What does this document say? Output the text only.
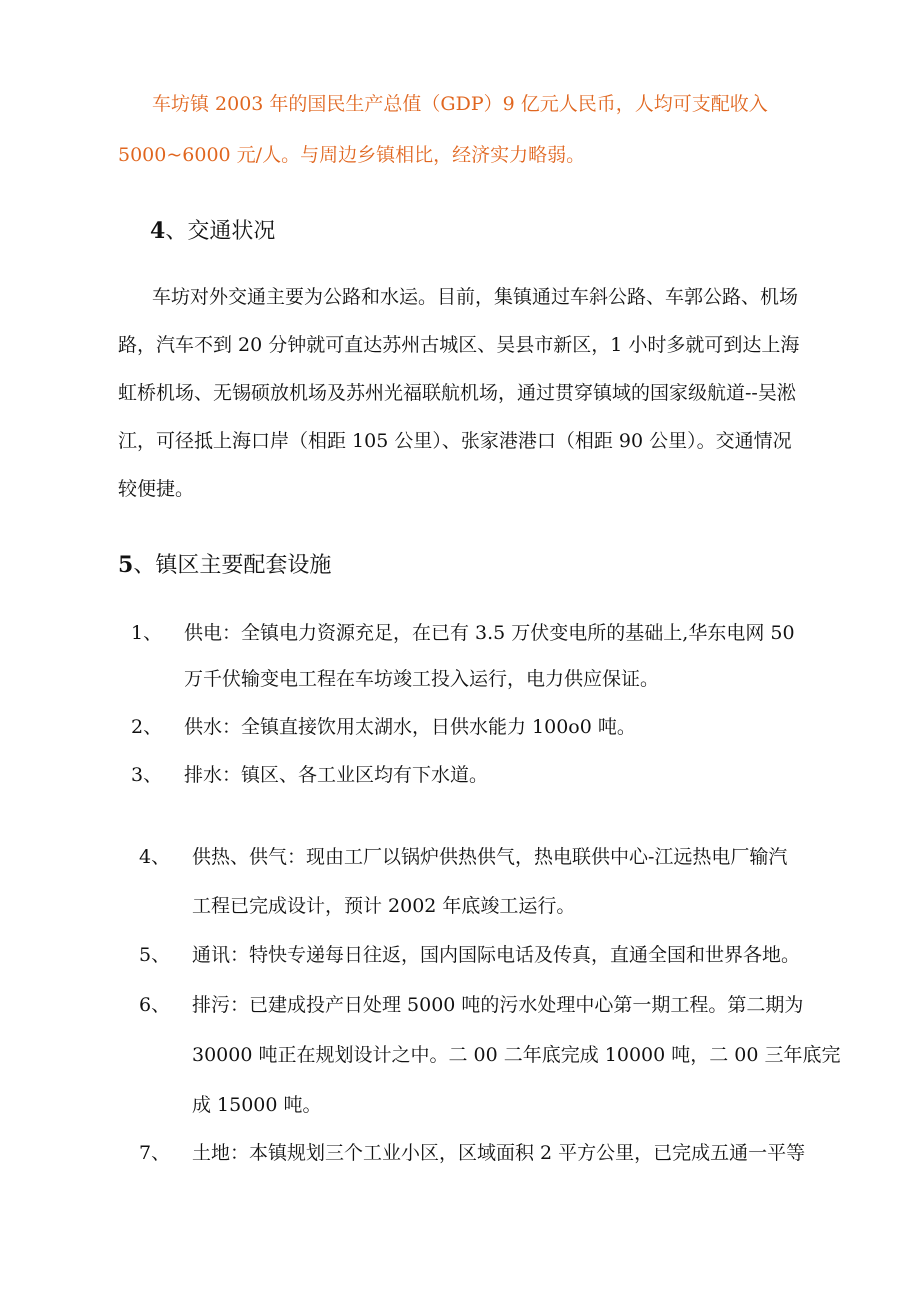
车坊镇 2003 年的国民生产总值（GDP）9 亿元人民币，人均可支配收入
5000~6000 元/人。与周边乡镇相比，经济实力略弱。
4、交通状况
车坊对外交通主要为公路和水运。目前，集镇通过车斜公路、车郭公路、机场
路，汽车不到 20 分钟就可直达苏州古城区、吴县市新区，1 小时多就可到达上海
虹桥机场、无锡硕放机场及苏州光福联航机场，通过贯穿镇域的国家级航道--吴淞
江，可径抵上海口岸（相距 105 公里）、张家港港口（相距 90 公里）。交通情况
较便捷。
5、镇区主要配套设施
1、 供电：全镇电力资源充足，在已有 3.5 万伏变电所的基础上,华东电网 50
万千伏输变电工程在车坊竣工投入运行，电力供应保证。
2、 供水：全镇直接饮用太湖水，日供水能力 100o0 吨。
3、 排水：镇区、各工业区均有下水道。
4、 供热、供气：现由工厂以锅炉供热供气，热电联供中心-江远热电厂输汽
工程已完成设计，预计 2002 年底竣工运行。
5、 通讯：特快专递每日往返，国内国际电话及传真，直通全国和世界各地。
6、 排污：已建成投产日处理 5000 吨的污水处理中心第一期工程。第二期为
30000 吨正在规划设计之中。二 00 二年底完成 10000 吨，二 00 三年底完
成 15000 吨。
7、 土地：本镇规划三个工业小区，区域面积 2 平方公里，已完成五通一平等
